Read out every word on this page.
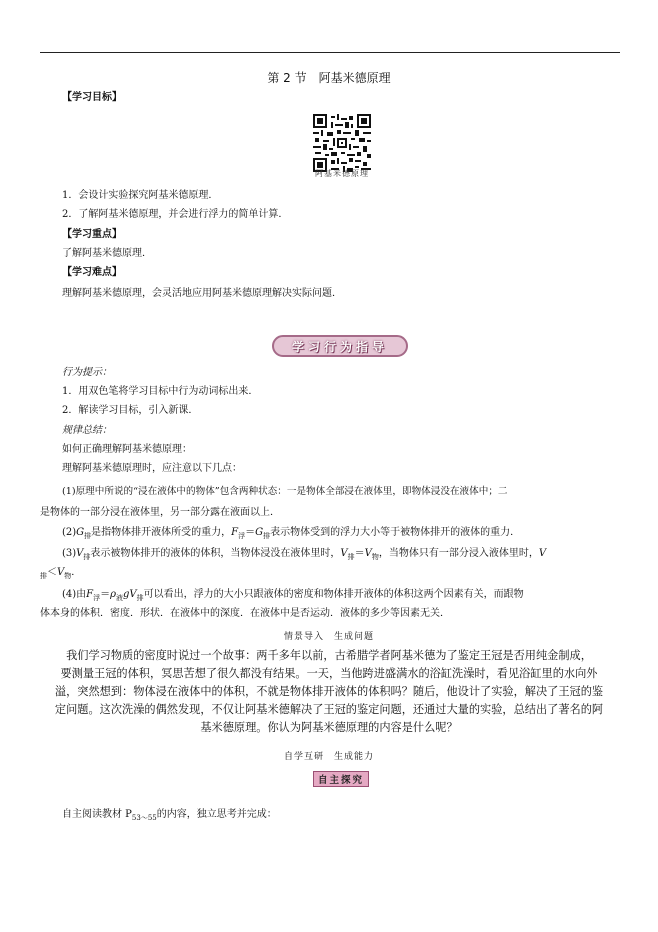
第 2 节　阿基米德原理
【学习目标】
阿基米德原理
1．会设计实验探究阿基米德原理．
2．了解阿基米德原理，并会进行浮力的简单计算．
【学习重点】
了解阿基米德原理．
【学习难点】
理解阿基米德原理，会灵活地应用阿基米德原理解决实际问题．
学习行为指导
行为提示：
1．用双色笔将学习目标中行为动词标出来．
2．解读学习目标，引入新课．
规律总结：
如何正确理解阿基米德原理：
理解阿基米德原理时，应注意以下几点：
(1)原理中所说的“浸在液体中的物体”包含两种状态：一是物体全部浸在液体里，即物体浸没在液体中；二
是物体的一部分浸在液体里，另一部分露在液面以上．
$(2)G_排$是指物体排开液体所受的重力，$F_浮=G_排$表示物体受到的浮力大小等于被物体排开的液体的重力．
$(3)V_排$表示被物体排开的液体的体积，当物体浸没在液体里时，$V_排=V_物$，当物体只有一部分浸入液体里时，V
$_排<V_物$．
(4)由$F_浮=\rho_液gV_排$可以看出，浮力的大小只跟液体的密度和物体排开液体的体积这两个因素有关，而跟物
体本身的体积．密度．形状．在液体中的深度．在液体中是否运动．液体的多少等因素无关．
情景导入　生成问题
我们学习物质的密度时说过一个故事：两千多年以前，古希腊学者阿基米德为了鉴定王冠是否用纯金制成，
要测量王冠的体积，冥思苦想了很久都没有结果。一天，当他跨进盛满水的浴缸洗澡时，看见浴缸里的水向外
溢，突然想到：物体浸在液体中的体积，不就是物体排开液体的体积吗？随后，他设计了实验，解决了王冠的鉴
定问题。这次洗澡的偶然发现，不仅让阿基米德解决了王冠的鉴定问题，还通过大量的实验，总结出了著名的阿
基米德原理。你认为阿基米德原理的内容是什么呢？
自学互研　生成能力
自主探究
自主阅读教材 $P_{53\sim 55}$的内容，独立思考并完成：
